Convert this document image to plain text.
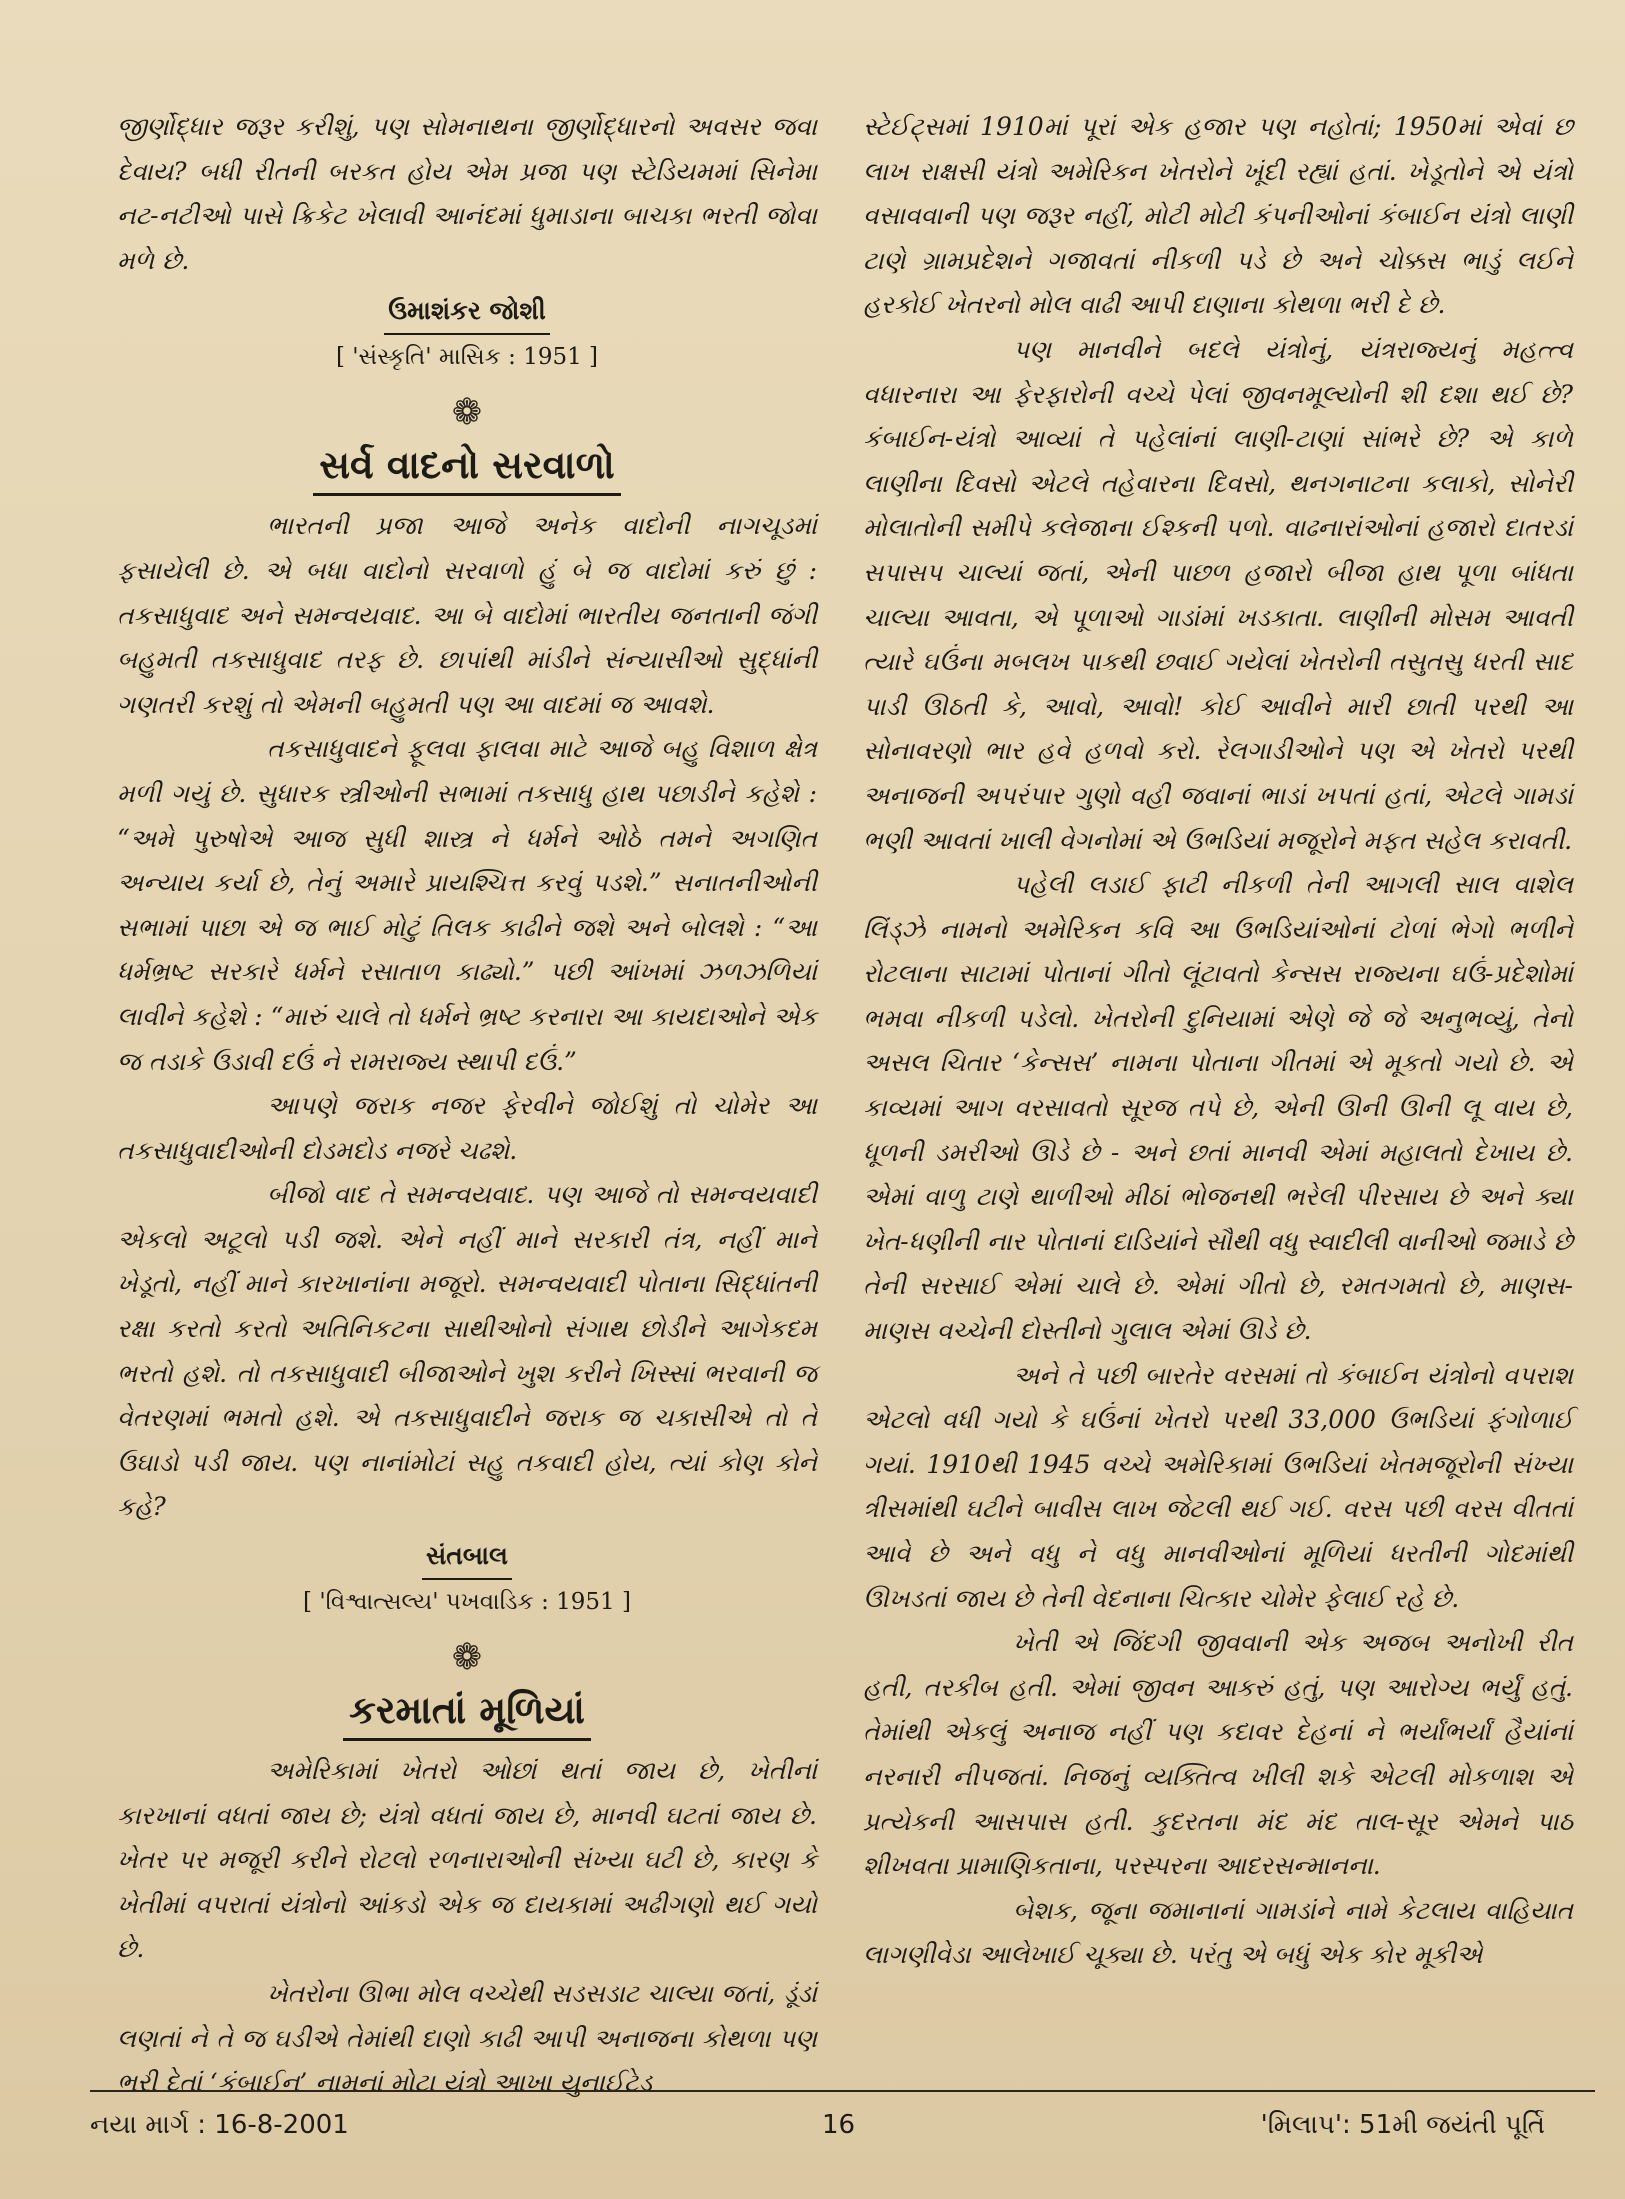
જીર્ણોદ્ધાર જરૂર કરીશું, પણ સોમનાથના જીર્ણોદ્ધારનો અવસર જવા દેવાય? બધી રીતની બરકત હોય એમ પ્રજા પણ સ્ટેડિયમમાં સિનેમા નટ-નટીઓ પાસે ક્રિકેટ ખેલાવી આનંદમાં ધુમાડાના બાચકા ભરતી જોવા મળે છે.

ઉમાશંકર જોશી
[ 'સંસ્કૃતિ' માસિક : 1951 ]
❁
સર્વ વાદનો સરવાળો

ભારતની પ્રજા આજે અનેક વાદોની નાગચૂડમાં ફસાયેલી છે. એ બધા વાદોનો સરવાળો હું બે જ વાદોમાં કરું છું : તકસાધુવાદ અને સમન્વયવાદ. આ બે વાદોમાં ભારતીય જનતાની જંગી બહુમતી તકસાધુવાદ તરફ છે. છાપાંથી માંડીને સંન્યાસીઓ સુદ્ધાંની ગણતરી કરશું તો એમની બહુમતી પણ આ વાદમાં જ આવશે.

તકસાધુવાદને ફૂલવા ફાલવા માટે આજે બહુ વિશાળ ક્ષેત્ર મળી ગયું છે. સુધારક સ્ત્રીઓની સભામાં તકસાધુ હાથ પછાડીને કહેશે : “અમે પુરુષોએ આજ સુધી શાસ્ત્ર ને ધર્મને ઓઠે તમને અગણિત અન્યાય કર્યા છે, તેનું અમારે પ્રાયશ્ચિત્ત કરવું પડશે.” સનાતનીઓની સભામાં પાછા એ જ ભાઈ મોટું તિલક કાઢીને જશે અને બોલશે : “આ ધર્મભ્રષ્ટ સરકારે ધર્મને રસાતાળ કાઢ્યો.” પછી આંખમાં ઝળઝળિયાં લાવીને કહેશે : “મારું ચાલે તો ધર્મને ભ્રષ્ટ કરનારા આ કાયદાઓને એક જ તડાકે ઉડાવી દઉં ને રામરાજ્ય સ્થાપી દઉં.”

આપણે જરાક નજર ફેરવીને જોઈશું તો ચોમેર આ તકસાધુવાદીઓની દોડમદોડ નજરે ચઢશે.

બીજો વાદ તે સમન્વયવાદ. પણ આજે તો સમન્વયવાદી એકલો અટૂલો પડી જશે. એને નહીં માને સરકારી તંત્ર, નહીં માને ખેડૂતો, નહીં માને કારખાનાંના મજૂરો. સમન્વયવાદી પોતાના સિદ્ધાંતની રક્ષા કરતો કરતો અતિનિકટના સાથીઓનો સંગાથ છોડીને આગેકદમ ભરતો હશે. તો તકસાધુવાદી બીજાઓને ખુશ કરીને ખિસ્સાં ભરવાની જ વેતરણમાં ભમતો હશે. એ તકસાધુવાદીને જરાક જ ચકાસીએ તો તે ઉઘાડો પડી જાય. પણ નાનાંમોટાં સહુ તકવાદી હોય, ત્યાં કોણ કોને કહે?

સંતબાલ
[ 'વિશ્વાત્સલ્ય' પખવાડિક : 1951 ]
❁
કરમાતાં મૂળિયાં

અમેરિકામાં ખેતરો ઓછાં થતાં જાય છે, ખેતીનાં કારખાનાં વધતાં જાય છે; યંત્રો વધતાં જાય છે, માનવી ઘટતાં જાય છે. ખેતર પર મજૂરી કરીને રોટલો રળનારાઓની સંખ્યા ઘટી છે, કારણ કે ખેતીમાં વપરાતાં યંત્રોનો આંકડો એક જ દાયકામાં અઢીગણો થઈ ગયો છે.

ખેતરોના ઊભા મોલ વચ્ચેથી સડસડાટ ચાલ્યા જતાં, ડૂંડાં લણતાં ને તે જ ઘડીએ તેમાંથી દાણો કાઢી આપી અનાજના કોથળા પણ ભરી દેતાં ‘કંબાઈન’ નામનાં મોટા યંત્રો આખા યુનાઈટેડ

સ્ટેઈટ્સમાં 1910માં પૂરાં એક હજાર પણ નહોતાં; 1950માં એવાં છ લાખ રાક્ષસી યંત્રો અમેરિકન ખેતરોને ખૂંદી રહ્યાં હતાં. ખેડૂતોને એ યંત્રો વસાવવાની પણ જરૂર નહીં, મોટી મોટી કંપનીઓનાં કંબાઈન યંત્રો લાણી ટાણે ગ્રામપ્રદેશને ગજાવતાં નીકળી પડે છે અને ચોક્કસ ભાડું લઈને હરકોઈ ખેતરનો મોલ વાઢી આપી દાણાના કોથળા ભરી દે છે.

પણ માનવીને બદલે યંત્રોનું, યંત્રરાજ્યનું મહત્ત્વ વધારનારા આ ફેરફારોની વચ્ચે પેલાં જીવનમૂલ્યોની શી દશા થઈ છે? કંબાઈન-યંત્રો આવ્યાં તે પહેલાંનાં લાણી-ટાણાં સાંભરે છે? એ કાળે લાણીના દિવસો એટલે તહેવારના દિવસો, થનગનાટના કલાકો, સોનેરી મોલાતોની સમીપે કલેજાના ઈશ્કની પળો. વાઢનારાંઓનાં હજારો દાતરડાં સપાસપ ચાલ્યાં જતાં, એની પાછળ હજારો બીજા હાથ પૂળા બાંધતા ચાલ્યા આવતા, એ પૂળાઓ ગાડાંમાં ખડકાતા. લાણીની મોસમ આવતી ત્યારે ઘઉંના મબલખ પાકથી છવાઈ ગયેલાં ખેતરોની તસુતસુ ધરતી સાદ પાડી ઊઠતી કે, આવો, આવો! કોઈ આવીને મારી છાતી પરથી આ સોનાવરણો ભાર હવે હળવો કરો. રેલગાડીઓને પણ એ ખેતરો પરથી અનાજની અપરંપાર ગુણો વહી જવાનાં ભાડાં ખપતાં હતાં, એટલે ગામડાં ભણી આવતાં ખાલી વેગનોમાં એ ઉભડિયાં મજૂરોને મફત સહેલ કરાવતી.

પહેલી લડાઈ ફાટી નીકળી તેની આગલી સાલ વાશેલ લિંડ્ઝે નામનો અમેરિકન કવિ આ ઉભડિયાંઓનાં ટોળાં ભેગો ભળીને રોટલાના સાટામાં પોતાનાં ગીતો લૂંટાવતો કેન્સસ રાજ્યના ઘઉં-પ્રદેશોમાં ભમવા નીકળી પડેલો. ખેતરોની દુનિયામાં એણે જે જે અનુભવ્યું, તેનો અસલ ચિતાર ‘કેન્સસ’ નામના પોતાના ગીતમાં એ મૂકતો ગયો છે. એ કાવ્યમાં આગ વરસાવતો સૂરજ તપે છે, એની ઊની ઊની લૂ વાય છે, ધૂળની ડમરીઓ ઊડે છે - અને છતાં માનવી એમાં મહાલતો દેખાય છે. એમાં વાળુ ટાણે થાળીઓ મીઠાં ભોજનથી ભરેલી પીરસાય છે અને ક્યા ખેત-ધણીની નાર પોતાનાં દાડિયાંને સૌથી વધુ સ્વાદીલી વાનીઓ જમાડે છે તેની સરસાઈ એમાં ચાલે છે. એમાં ગીતો છે, રમતગમતો છે, માણસ-માણસ વચ્ચેની દોસ્તીનો ગુલાલ એમાં ઊડે છે.

અને તે પછી બારતેર વરસમાં તો કંબાઈન યંત્રોનો વપરાશ એટલો વધી ગયો કે ઘઉંનાં ખેતરો પરથી 33,000 ઉભડિયાં ફંગોળાઈ ગયાં. 1910થી 1945 વચ્ચે અમેરિકામાં ઉભડિયાં ખેતમજૂરોની સંખ્યા ત્રીસમાંથી ઘટીને બાવીસ લાખ જેટલી થઈ ગઈ. વરસ પછી વરસ વીતતાં આવે છે અને વધુ ને વધુ માનવીઓનાં મૂળિયાં ધરતીની ગોદમાંથી ઊખડતાં જાય છે તેની વેદનાના ચિત્કાર ચોમેર ફેલાઈ રહે છે.

ખેતી એ જિંદગી જીવવાની એક અજબ અનોખી રીત હતી, તરકીબ હતી. એમાં જીવન આકરું હતું, પણ આરોગ્ય ભર્યું હતું. તેમાંથી એકલું અનાજ નહીં પણ કદાવર દેહનાં ને ભર્યાંભર્યાં હૈયાંનાં નરનારી નીપજતાં. નિજનું વ્યક્તિત્વ ખીલી શકે એટલી મોકળાશ એ પ્રત્યેકની આસપાસ હતી. કુદરતના મંદ મંદ તાલ-સૂર એમને પાઠ શીખવતા પ્રામાણિકતાના, પરસ્પરના આદરસન્માનના.

બેશક, જૂના જમાનાનાં ગામડાંને નામે કેટલાય વાહિયાત લાગણીવેડા આલેખાઈ ચૂક્યા છે. પરંતુ એ બધું એક કોર મૂકીએ

નયા માર્ગ : 16-8-2001	16	'મિલાપ': 51મી જયંતી પૂર્તિ
